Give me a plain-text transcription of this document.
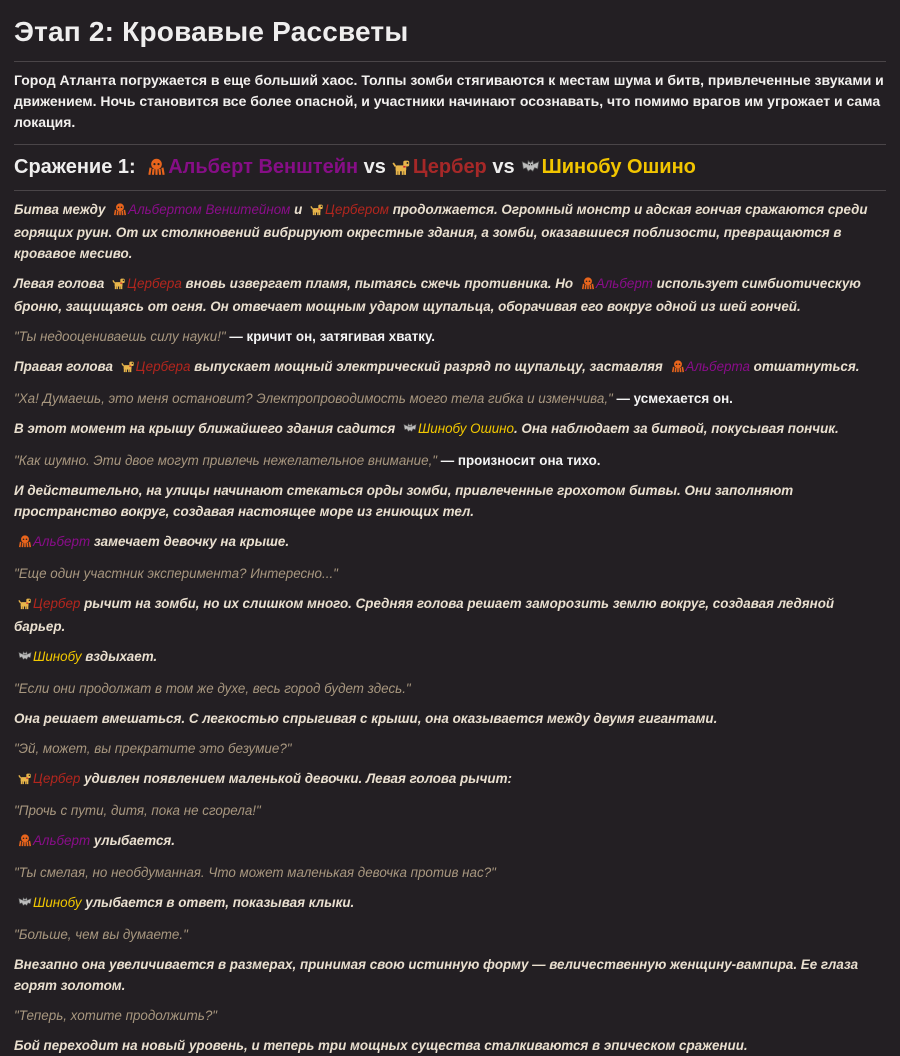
Этап 2: Кровавые Рассветы

Город Атланта погружается в еще больший хаос. Толпы зомби стягиваются к местам шума и битв, привлеченные звуками и движением. Ночь становится все более опасной, и участники начинают осознавать, что помимо врагов им угрожает и сама локация.

Сражение 1: Альберт Венштейн vs Цербер vs Шинобу Ошино

Битва между Альбертом Венштейном и Цербером продолжается. Огромный монстр и адская гончая сражаются среди горящих руин. От их столкновений вибрируют окрестные здания, а зомби, оказавшиеся поблизости, превращаются в кровавое месиво.

Левая голова Цербера вновь извергает пламя, пытаясь сжечь противника. Но Альберт использует симбиотическую броню, защищаясь от огня. Он отвечает мощным ударом щупальца, оборачивая его вокруг одной из шей гончей.

"Ты недооцениваешь силу науки!" — кричит он, затягивая хватку.

Правая голова Цербера выпускает мощный электрический разряд по щупальцу, заставляя Альберта отшатнуться.

"Ха! Думаешь, это меня остановит? Электропроводимость моего тела гибка и изменчива," — усмехается он.

В этот момент на крышу ближайшего здания садится Шинобу Ошино. Она наблюдает за битвой, покусывая пончик.

"Как шумно. Эти двое могут привлечь нежелательное внимание," — произносит она тихо.

И действительно, на улицы начинают стекаться орды зомби, привлеченные грохотом битвы. Они заполняют пространство вокруг, создавая настоящее море из гниющих тел.

Альберт замечает девочку на крыше.

"Еще один участник эксперимента? Интересно..."

Цербер рычит на зомби, но их слишком много. Средняя голова решает заморозить землю вокруг, создавая ледяной барьер.

Шинобу вздыхает.

"Если они продолжат в том же духе, весь город будет здесь."

Она решает вмешаться. С легкостью спрыгивая с крыши, она оказывается между двумя гигантами.

"Эй, может, вы прекратите это безумие?"

Цербер удивлен появлением маленькой девочки. Левая голова рычит:

"Прочь с пути, дитя, пока не сгорела!"

Альберт улыбается.

"Ты смелая, но необдуманная. Что может маленькая девочка против нас?"

Шинобу улыбается в ответ, показывая клыки.

"Больше, чем вы думаете."

Внезапно она увеличивается в размерах, принимая свою истинную форму — величественную женщину-вампира. Ее глаза горят золотом.

"Теперь, хотите продолжить?"

Бой переходит на новый уровень, и теперь три мощных существа сталкиваются в эпическом сражении.
